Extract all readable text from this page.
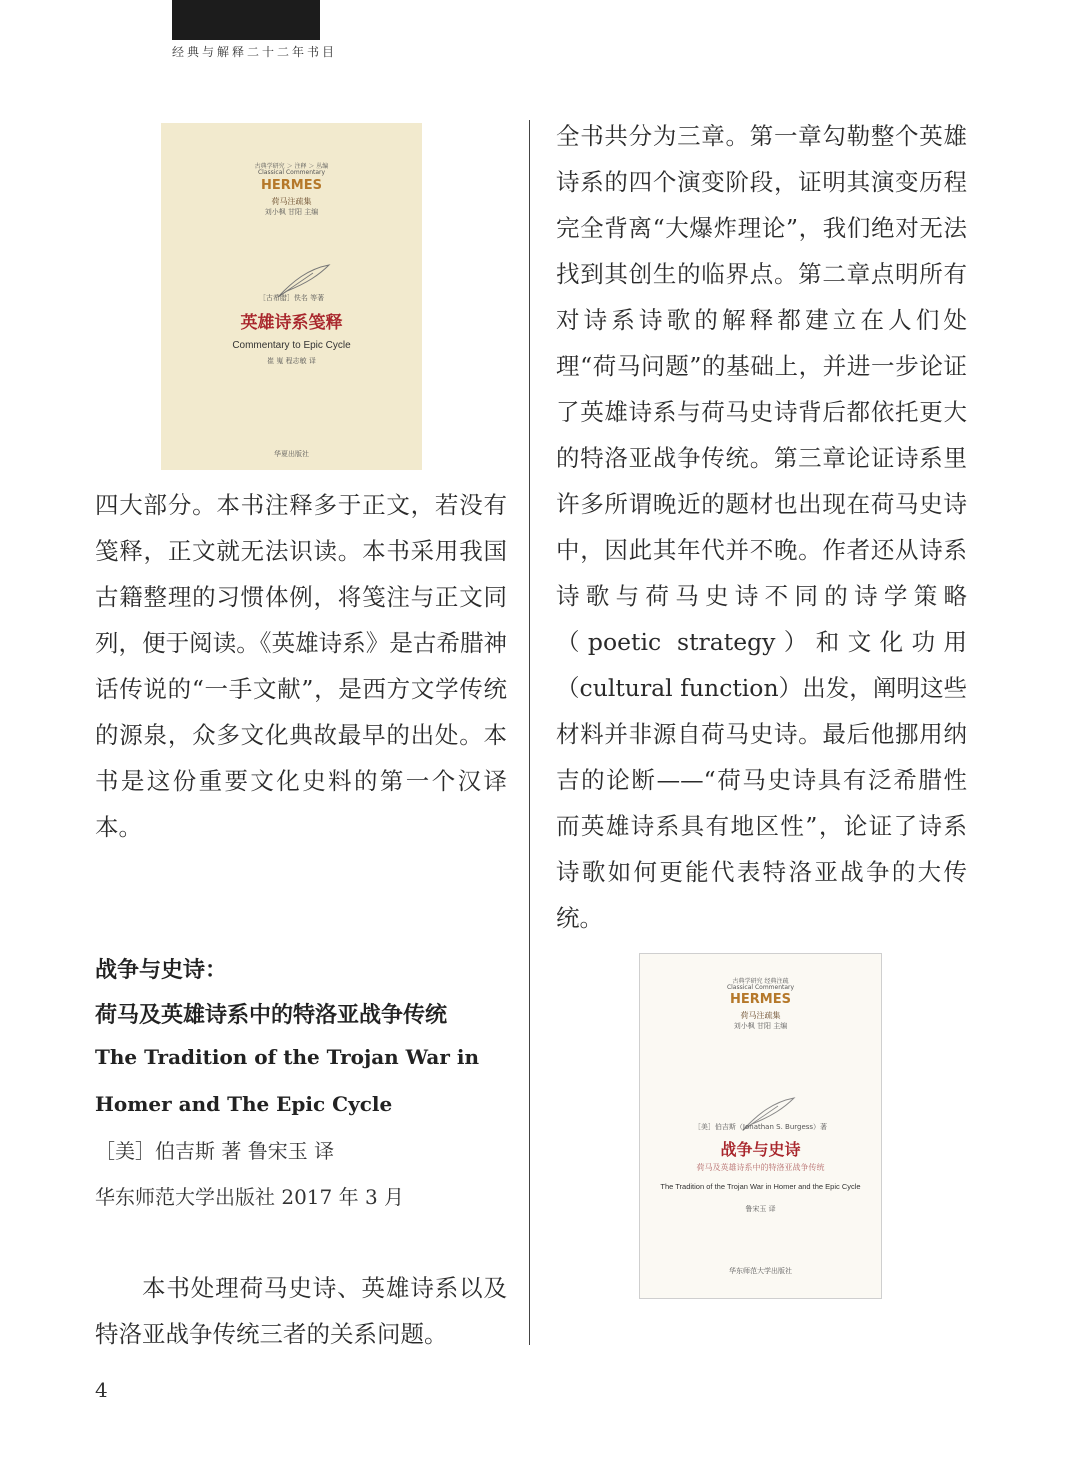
经典与解释二十二年书目
古典学研究 ＞ 注释 ＞ 丛编
Classical Commentary
HERMES
荷马注疏集
刘小枫 甘阳 主编
［古希腊］佚名 等著
英雄诗系笺释
Commentary to Epic Cycle
崔 嵬 程志敏 译
华夏出版社

四大部分。本书注释多于正文，若没有笺释，正文就无法识读。本书采用我国古籍整理的习惯体例，将笺注与正文同列，便于阅读。《英雄诗系》是古希腊神话传说的“一手文献”，是西方文学传统的源泉，众多文化典故最早的出处。本书是这份重要文化史料的第一个汉译本。

战争与史诗：
荷马及英雄诗系中的特洛亚战争传统
The Tradition of the Trojan War in
Homer and The Epic Cycle
［美］伯吉斯 著 鲁宋玉 译
华东师范大学出版社 2017 年 3 月

本书处理荷马史诗、英雄诗系以及特洛亚战争传统三者的关系问题。

全书共分为三章。第一章勾勒整个英雄诗系的四个演变阶段，证明其演变历程完全背离“大爆炸理论”，我们绝对无法找到其创生的临界点。第二章点明所有对诗系诗歌的解释都建立在人们处理“荷马问题”的基础上，并进一步论证了英雄诗系与荷马史诗背后都依托更大的特洛亚战争传统。第三章论证诗系里许多所谓晚近的题材也出现在荷马史诗中，因此其年代并不晚。作者还从诗系诗歌与荷马史诗不同的诗学策略（poetic strategy）和文化功用（cultural function）出发，阐明这些材料并非源自荷马史诗。最后他挪用纳吉的论断——“荷马史诗具有泛希腊性而英雄诗系具有地区性”，论证了诗系诗歌如何更能代表特洛亚战争的大传统。

古典学研究 经典注疏
Classical Commentary
HERMES
荷马注疏集
刘小枫 甘阳 主编
［美］伯吉斯（Jonathan S. Burgess）著
战争与史诗
荷马及英雄诗系中的特洛亚战争传统
The Tradition of the Trojan War in Homer and the Epic Cycle
鲁宋玉 译
华东师范大学出版社
4
